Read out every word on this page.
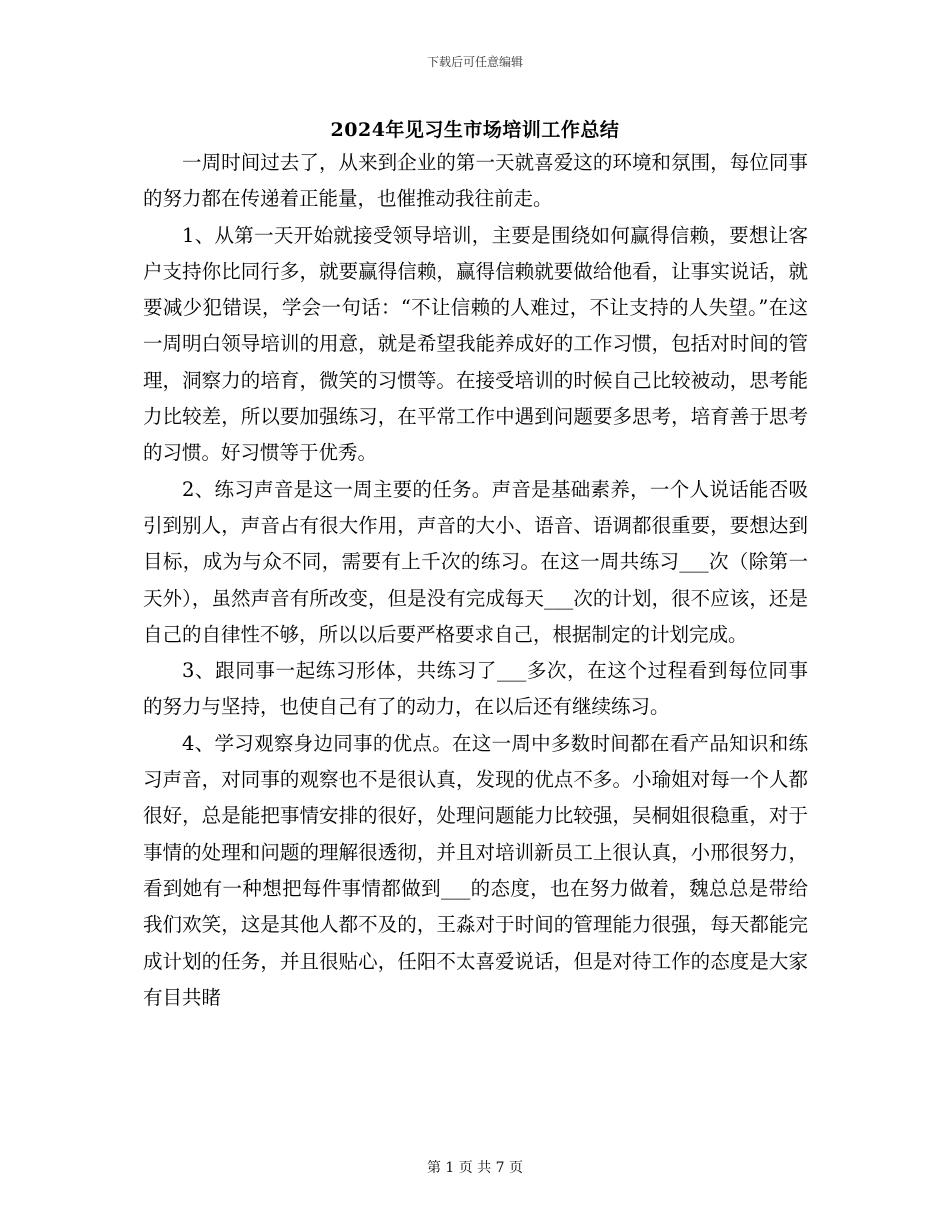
下载后可任意编辑
2024年见习生市场培训工作总结

一周时间过去了，从来到企业的第一天就喜爱这的环境和氛围，每位同事的努力都在传递着正能量，也催推动我往前走。

1、从第一天开始就接受领导培训，主要是围绕如何赢得信赖，要想让客户支持你比同行多，就要赢得信赖，赢得信赖就要做给他看，让事实说话，就要减少犯错误，学会一句话：“不让信赖的人难过，不让支持的人失望。”在这一周明白领导培训的用意，就是希望我能养成好的工作习惯，包括对时间的管理，洞察力的培育，微笑的习惯等。在接受培训的时候自己比较被动，思考能力比较差，所以要加强练习，在平常工作中遇到问题要多思考，培育善于思考的习惯。好习惯等于优秀。

2、练习声音是这一周主要的任务。声音是基础素养，一个人说话能否吸引到别人，声音占有很大作用，声音的大小、语音、语调都很重要，要想达到目标，成为与众不同，需要有上千次的练习。在这一周共练习___次（除第一天外），虽然声音有所改变，但是没有完成每天___次的计划，很不应该，还是自己的自律性不够，所以以后要严格要求自己，根据制定的计划完成。

3、跟同事一起练习形体，共练习了___多次，在这个过程看到每位同事的努力与坚持，也使自己有了的动力，在以后还有继续练习。

4、学习观察身边同事的优点。在这一周中多数时间都在看产品知识和练习声音，对同事的观察也不是很认真，发现的优点不多。小瑜姐对每一个人都很好，总是能把事情安排的很好，处理问题能力比较强，吴桐姐很稳重，对于事情的处理和问题的理解很透彻，并且对培训新员工上很认真，小邢很努力，看到她有一种想把每件事情都做到___的态度，也在努力做着，魏总总是带给我们欢笑，这是其他人都不及的，王淼对于时间的管理能力很强，每天都能完成计划的任务，并且很贴心，任阳不太喜爱说话，但是对待工作的态度是大家有目共睹

第 1 页 共 7 页
